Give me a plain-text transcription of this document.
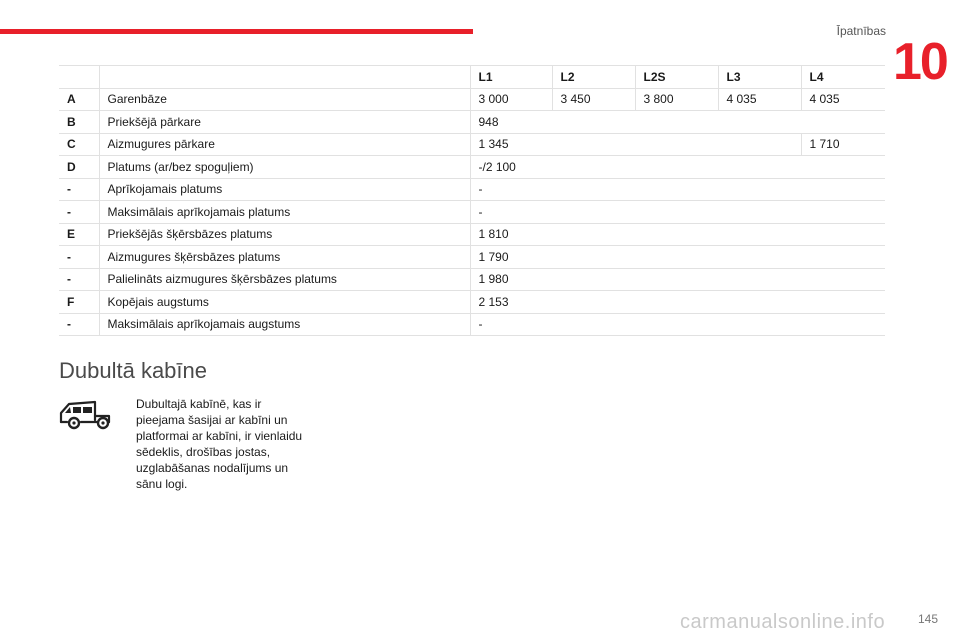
Īpatnības
10
		L1	L2	L2S	L3	L4
A	Garenbāze	3 000	3 450	3 800	4 035	4 035
B	Priekšējā pārkare	948				
C	Aizmugures pārkare	1 345				1 710
D	Platums (ar/bez spoguļiem)	-/2 100				
-	Aprīkojamais platums	-				
-	Maksimālais aprīkojamais platums	-				
E	Priekšējās šķērsbāzes platums	1 810				
-	Aizmugures šķērsbāzes platums	1 790				
-	Palielināts aizmugures šķērsbāzes platums	1 980				
F	Kopējais augstums	2 153				
-	Maksimālais aprīkojamais augstums	-				
Dubultā kabīne
Dubultajā kabīnē, kas ir
pieejama šasijai ar kabīni un
platformai ar kabīni, ir vienlaidu
sēdeklis, drošības jostas,
uzglabāšanas nodalījums un
sānu logi.
carmanualsonline.info	145
